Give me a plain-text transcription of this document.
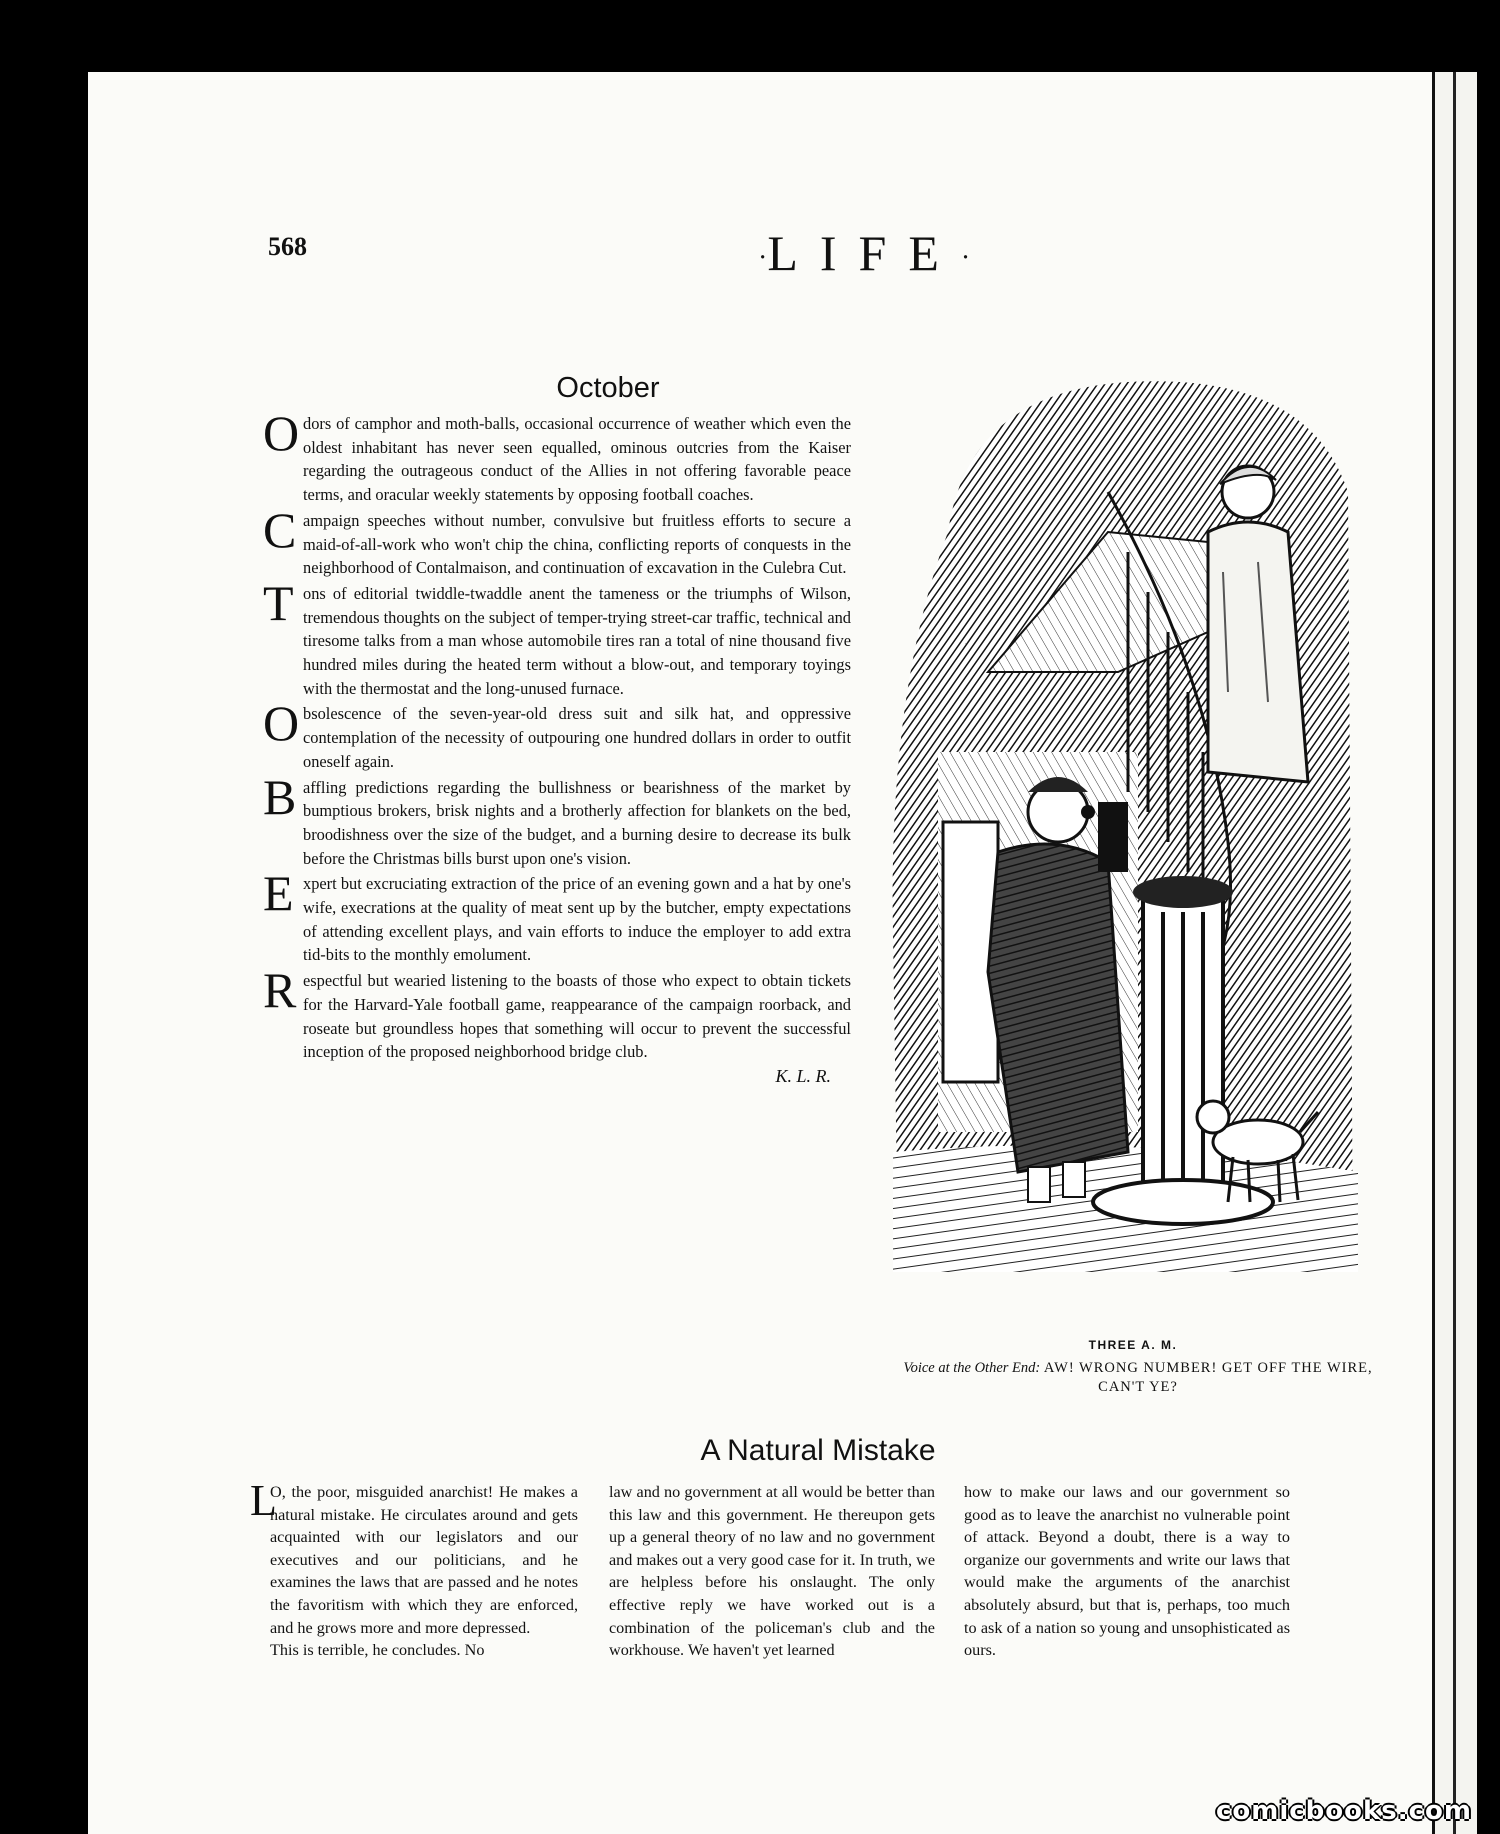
568	·LIFE·
October

O dors of camphor and moth-balls, occasional occurrence of weather which even the oldest inhabitant has never seen equalled, ominous outcries from the Kaiser regarding the outrageous conduct of the Allies in not offering favorable peace terms, and oracular weekly statements by opposing football coaches.

C ampaign speeches without number, convulsive but fruitless efforts to secure a maid-of-all-work who won't chip the china, conflicting reports of conquests in the neighborhood of Contalmaison, and continuation of excavation in the Culebra Cut.

T ons of editorial twiddle-twaddle anent the tameness or the triumphs of Wilson, tremendous thoughts on the subject of temper-trying street-car traffic, technical and tiresome talks from a man whose automobile tires ran a total of nine thousand five hundred miles during the heated term without a blow-out, and temporary toyings with the thermostat and the long-unused furnace.

O bsolescence of the seven-year-old dress suit and silk hat, and oppressive contemplation of the necessity of outpouring one hundred dollars in order to outfit oneself again.

B affling predictions regarding the bullishness or bearishness of the market by bumptious brokers, brisk nights and a brotherly affection for blankets on the bed, broodishness over the size of the budget, and a burning desire to decrease its bulk before the Christmas bills burst upon one's vision.

E xpert but excruciating extraction of the price of an evening gown and a hat by one's wife, execrations at the quality of meat sent up by the butcher, empty expectations of attending excellent plays, and vain efforts to induce the employer to add extra tid-bits to the monthly emolument.

R espectful but wearied listening to the boasts of those who expect to obtain tickets for the Harvard-Yale football game, reappearance of the campaign roorback, and roseate but groundless hopes that something will occur to prevent the successful inception of the proposed neighborhood bridge club.

K. L. R.

THREE A. M.
Voice at the Other End: AW! WRONG NUMBER! GET OFF THE WIRE, CAN'T YE?
A Natural Mistake

L
O, the poor, misguided anarchist! He makes a natural mistake. He circulates around and gets acquainted with our legislators and our executives and our politicians, and he examines the laws that are passed and he notes the favoritism with which they are enforced, and he grows more and more depressed.

This is terrible, he concludes. No

law and no government at all would be better than this law and this government. He thereupon gets up a general theory of no law and no government and makes out a very good case for it. In truth, we are helpless before his onslaught. The only effective reply we have worked out is a combination of the policeman's club and the workhouse. We haven't yet learned

how to make our laws and our government so good as to leave the anarchist no vulnerable point of attack. Beyond a doubt, there is a way to organize our governments and write our laws that would make the arguments of the anarchist absolutely absurd, but that is, perhaps, too much to ask of a nation so young and unsophisticated as ours.

comicbooks.com
